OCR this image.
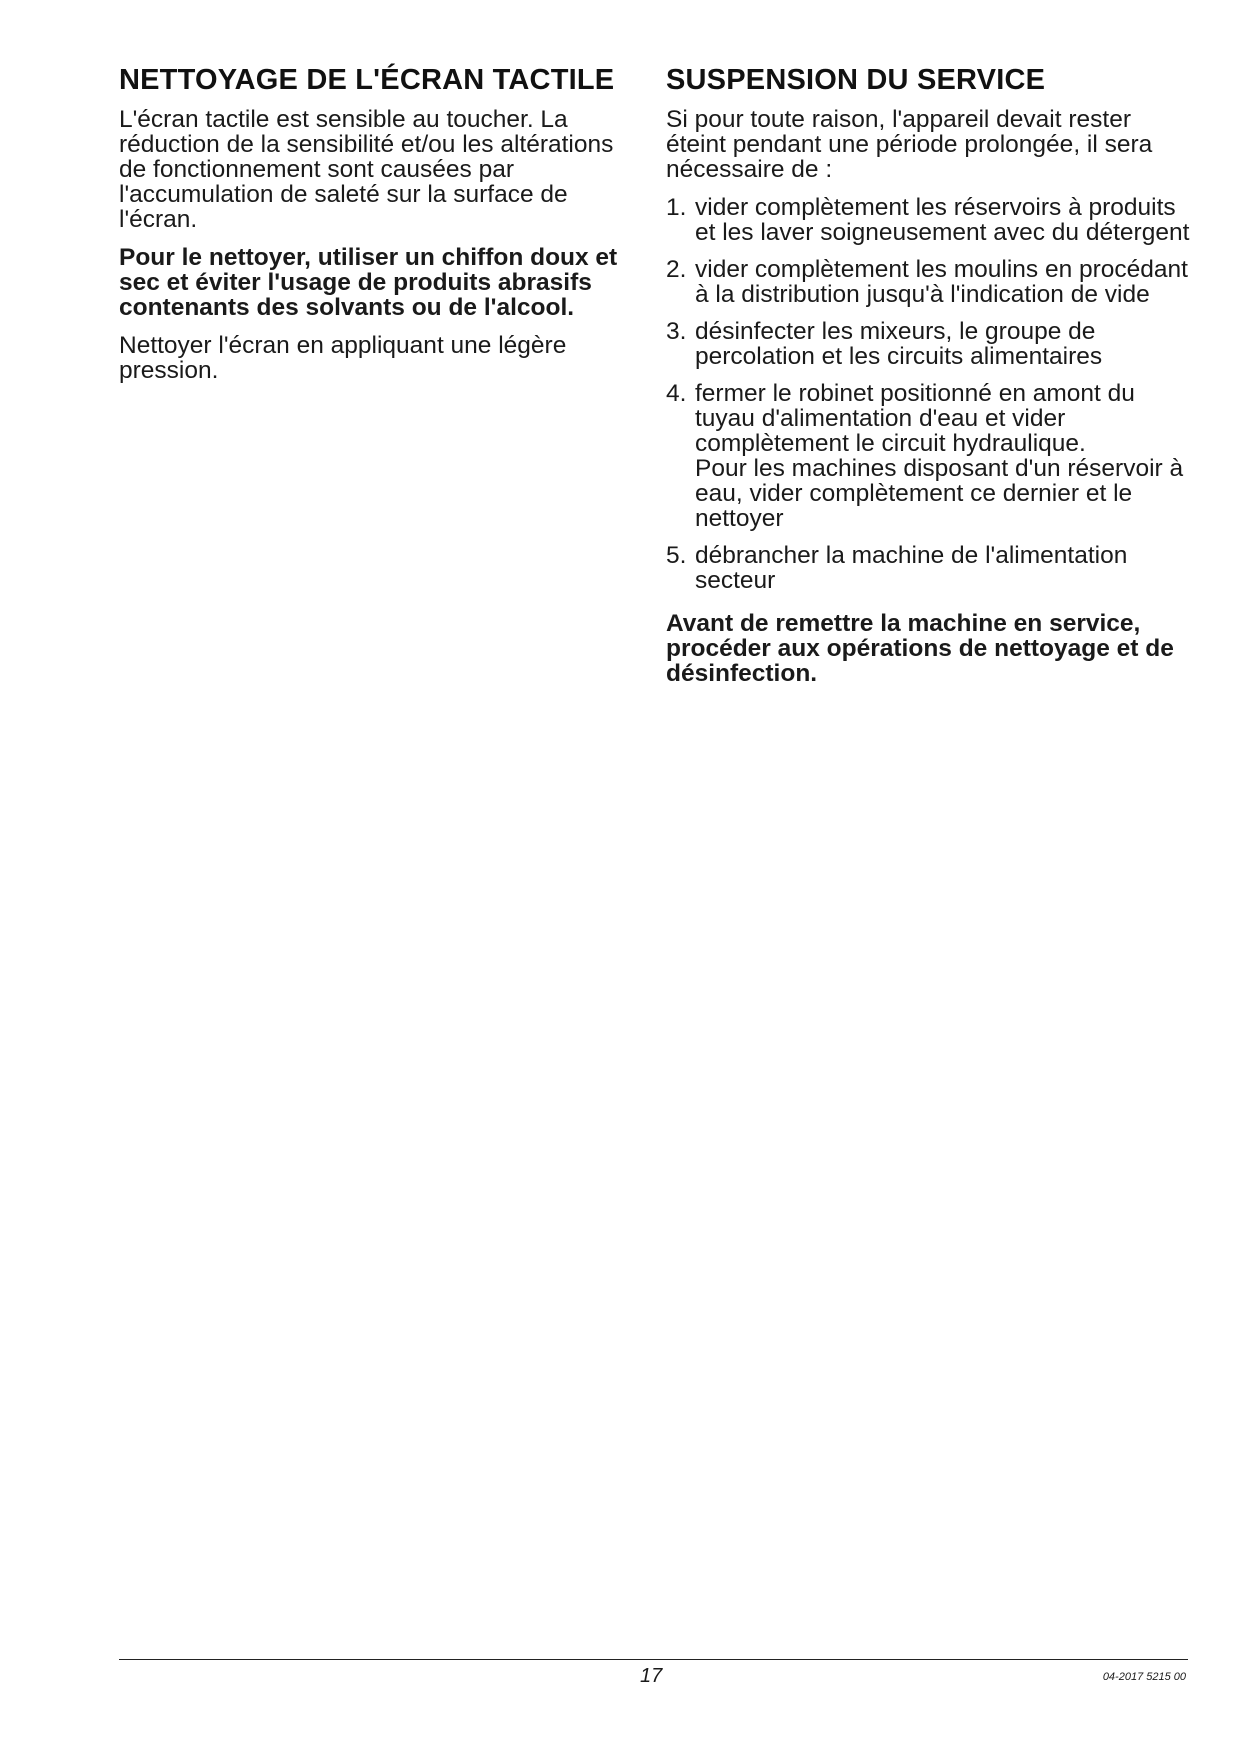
NETTOYAGE DE L'ÉCRAN TACTILE

L'écran tactile est sensible au toucher. La réduction de la sensibilité et/ou les altérations de fonctionnement sont causées par l'accumulation de saleté sur la surface de l'écran.

Pour le nettoyer, utiliser un chiffon doux et sec et éviter l'usage de produits abrasifs contenants des solvants ou de l'alcool.

Nettoyer l'écran en appliquant une légère pression.

SUSPENSION DU SERVICE

Si pour toute raison, l'appareil devait rester éteint pendant une période prolongée, il sera nécessaire de :

1. vider complètement les réservoirs à produits et les laver soigneusement avec du détergent
2. vider complètement les moulins en procédant à la distribution jusqu'à l'indication de vide
3. désinfecter les mixeurs, le groupe de percolation et les circuits alimentaires
4. fermer le robinet positionné en amont du tuyau d'alimentation d'eau et vider complètement le circuit hydraulique.
Pour les machines disposant d'un réservoir à eau, vider complètement ce dernier et le nettoyer
5. débrancher la machine de l'alimentation secteur

Avant de remettre la machine en service, procéder aux opérations de nettoyage et de désinfection.

17	04-2017 5215 00
